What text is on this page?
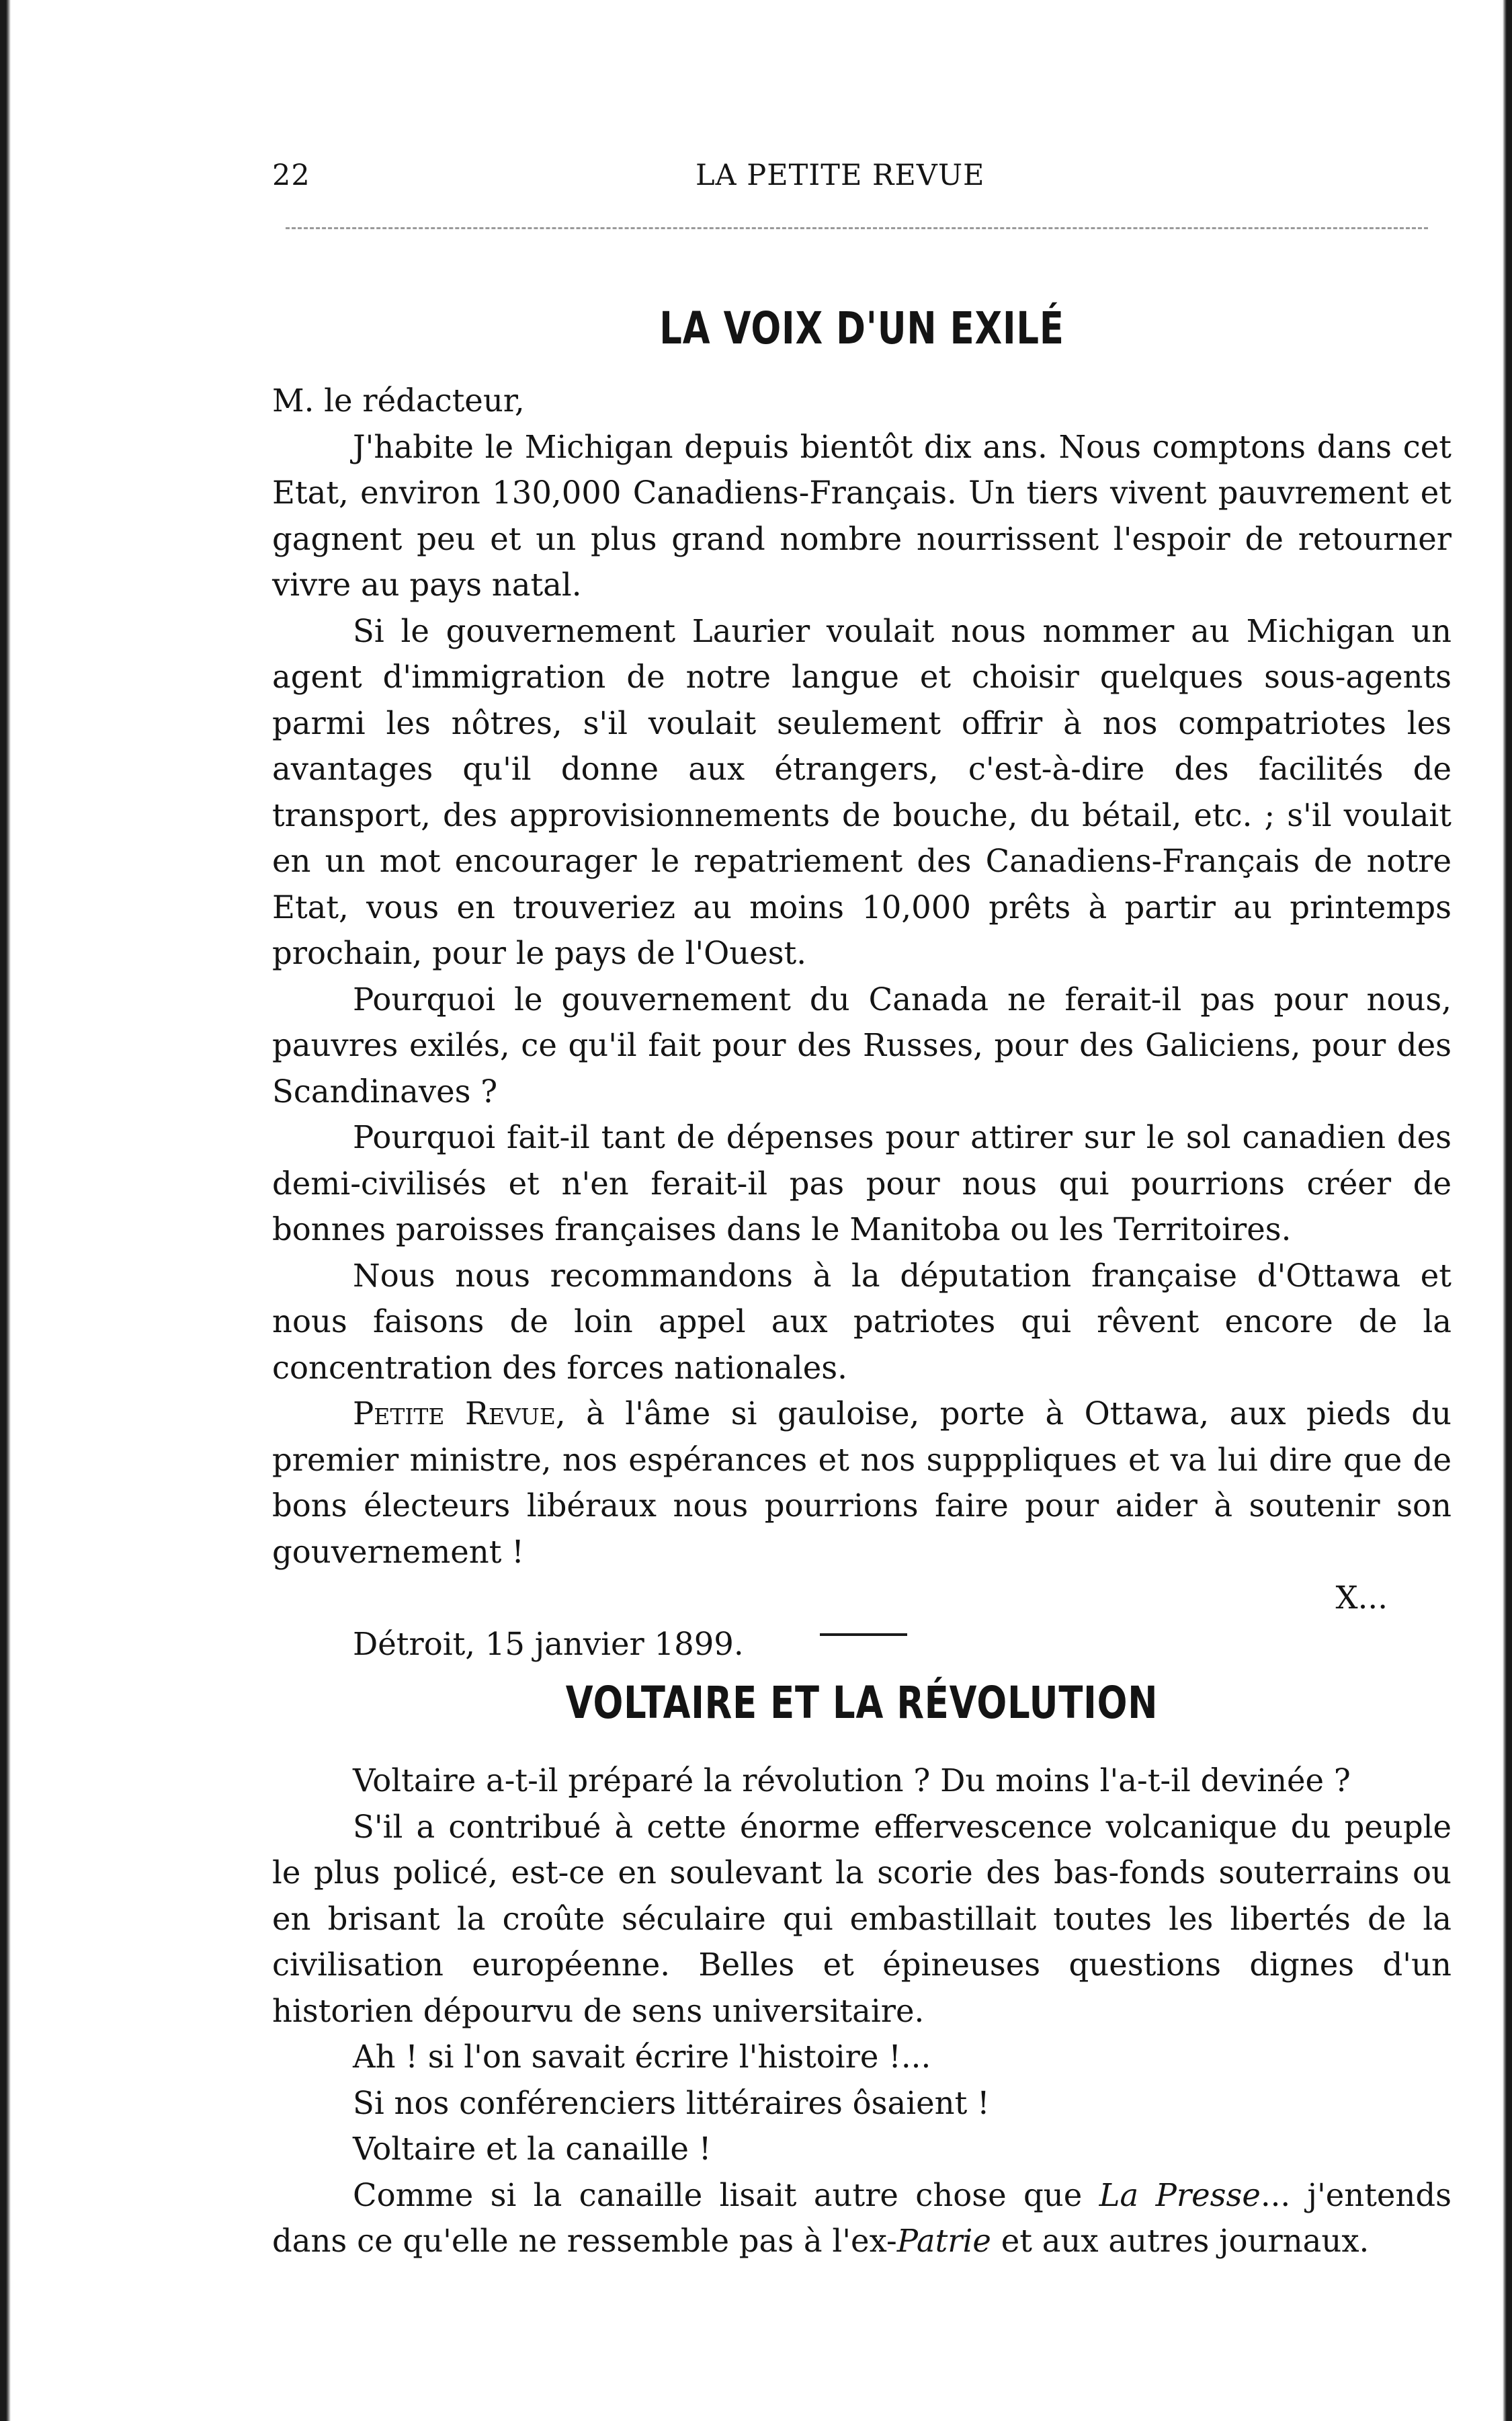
22	LA PETITE REVUE
LA VOIX D'UN EXILÉ

M. le rédacteur,

J'habite le Michigan depuis bientôt dix ans. Nous comptons dans cet Etat, environ 130,000 Canadiens-Français. Un tiers vivent pauvrement et gagnent peu et un plus grand nombre nourrissent l'espoir de retourner vivre au pays natal.

Si le gouvernement Laurier voulait nous nommer au Michigan un agent d'immigration de notre langue et choisir quelques sous-agents parmi les nôtres, s'il voulait seulement offrir à nos compatriotes les avantages qu'il donne aux étrangers, c'est-à-dire des facilités de transport, des approvisionnements de bouche, du bétail, etc. ; s'il voulait en un mot encourager le repatriement des Canadiens-Français de notre Etat, vous en trouveriez au moins 10,000 prêts à partir au printemps prochain, pour le pays de l'Ouest.

Pourquoi le gouvernement du Canada ne ferait-il pas pour nous, pauvres exilés, ce qu'il fait pour des Russes, pour des Galiciens, pour des Scandinaves ?

Pourquoi fait-il tant de dépenses pour attirer sur le sol canadien des demi-civilisés et n'en ferait-il pas pour nous qui pourrions créer de bonnes paroisses françaises dans le Manitoba ou les Territoires.

Nous nous recommandons à la députation française d'Ottawa et nous faisons de loin appel aux patriotes qui rêvent encore de la concentration des forces nationales.

Petite Revue, à l'âme si gauloise, porte à Ottawa, aux pieds du premier ministre, nos espérances et nos supppliques et va lui dire que de bons électeurs libéraux nous pourrions faire pour aider à soutenir son gouvernement !

X...
Détroit, 15 janvier 1899.
VOLTAIRE ET LA RÉVOLUTION

Voltaire a-t-il préparé la révolution ? Du moins l'a-t-il devinée ?

S'il a contribué à cette énorme effervescence volcanique du peuple le plus policé, est-ce en soulevant la scorie des bas-fonds souterrains ou en brisant la croûte séculaire qui embastillait toutes les libertés de la civilisation européenne. Belles et épineuses questions dignes d'un historien dépourvu de sens universitaire.

Ah ! si l'on savait écrire l'histoire !...

Si nos conférenciers littéraires ôsaient !

Voltaire et la canaille !

Comme si la canaille lisait autre chose que La Presse... j'entends dans ce qu'elle ne ressemble pas à l'ex-Patrie et aux autres journaux.
